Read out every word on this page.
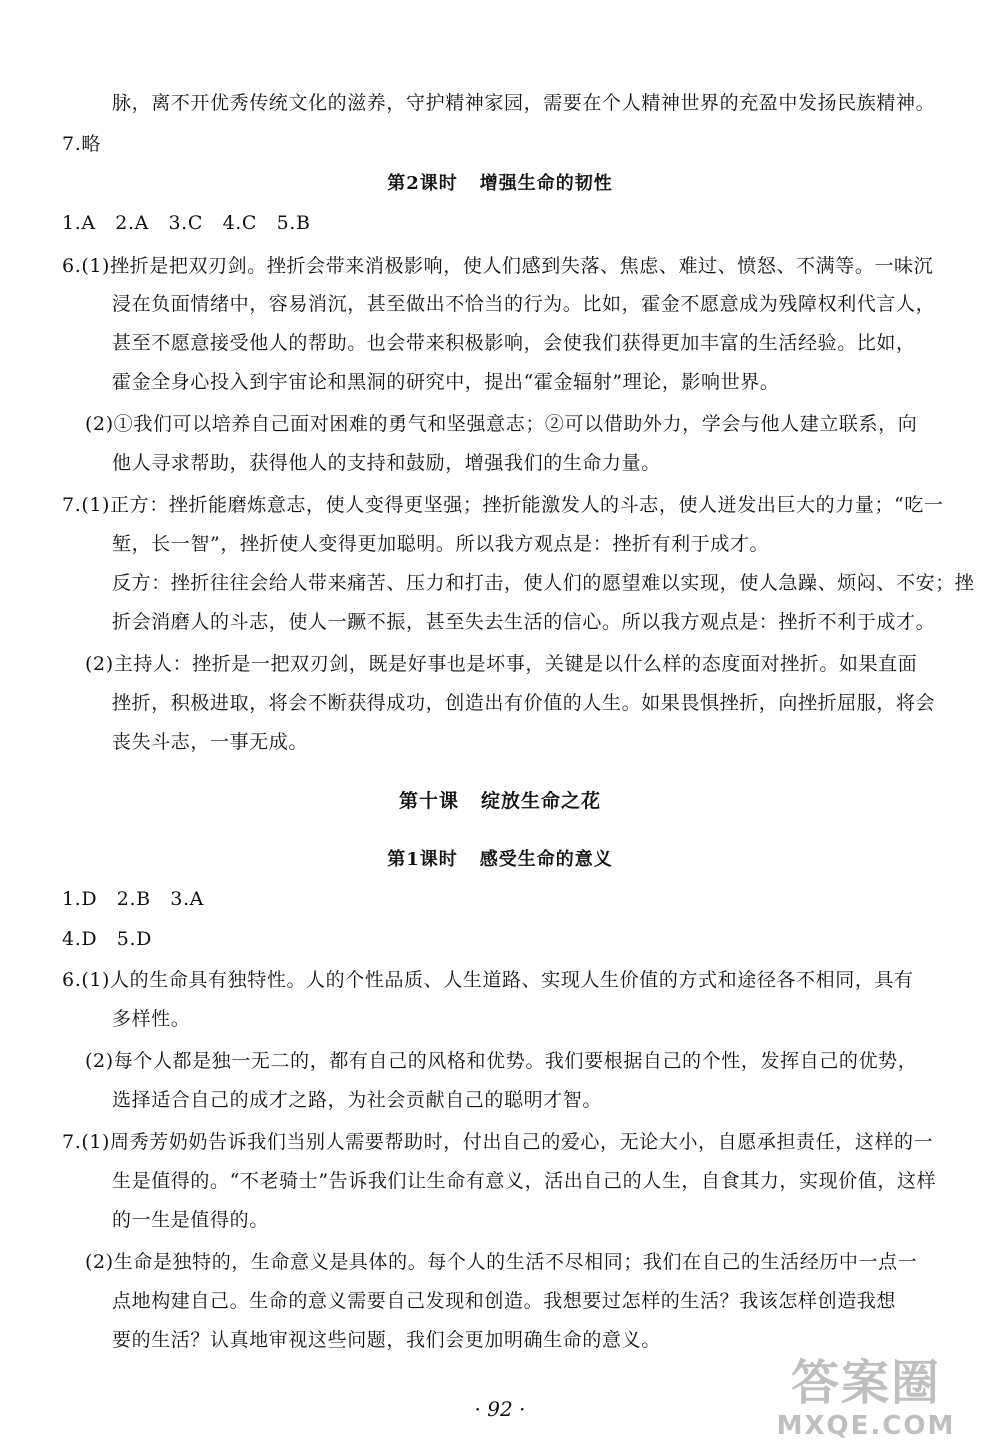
脉，离不开优秀传统文化的滋养，守护精神家园，需要在个人精神世界的充盈中发扬民族精神。
7.略
第2课时 增强生命的韧性
1.A　2.A　3.C　4.C　5.B
6.(1)挫折是把双刃剑。挫折会带来消极影响，使人们感到失落、焦虑、难过、愤怒、不满等。一味沉
浸在负面情绪中，容易消沉，甚至做出不恰当的行为。比如，霍金不愿意成为残障权利代言人，
甚至不愿意接受他人的帮助。也会带来积极影响，会使我们获得更加丰富的生活经验。比如，
霍金全身心投入到宇宙论和黑洞的研究中，提出“霍金辐射”理论，影响世界。
(2)①我们可以培养自己面对困难的勇气和坚强意志；②可以借助外力，学会与他人建立联系，向
他人寻求帮助，获得他人的支持和鼓励，增强我们的生命力量。
7.(1)正方：挫折能磨炼意志，使人变得更坚强；挫折能激发人的斗志，使人迸发出巨大的力量；“吃一
堑，长一智”，挫折使人变得更加聪明。所以我方观点是：挫折有利于成才。
反方：挫折往往会给人带来痛苦、压力和打击，使人们的愿望难以实现，使人急躁、烦闷、不安；挫
折会消磨人的斗志，使人一蹶不振，甚至失去生活的信心。所以我方观点是：挫折不利于成才。
(2)主持人：挫折是一把双刃剑，既是好事也是坏事，关键是以什么样的态度面对挫折。如果直面
挫折，积极进取，将会不断获得成功，创造出有价值的人生。如果畏惧挫折，向挫折屈服，将会
丧失斗志，一事无成。
第十课 绽放生命之花
第1课时 感受生命的意义
1.D　2.B　3.A
4.D　5.D
6.(1)人的生命具有独特性。人的个性品质、人生道路、实现人生价值的方式和途径各不相同，具有
多样性。
(2)每个人都是独一无二的，都有自己的风格和优势。我们要根据自己的个性，发挥自己的优势，
选择适合自己的成才之路，为社会贡献自己的聪明才智。
7.(1)周秀芳奶奶告诉我们当别人需要帮助时，付出自己的爱心，无论大小，自愿承担责任，这样的一
生是值得的。“不老骑士”告诉我们让生命有意义，活出自己的人生，自食其力，实现价值，这样
的一生是值得的。
(2)生命是独特的，生命意义是具体的。每个人的生活不尽相同；我们在自己的生活经历中一点一
点地构建自己。生命的意义需要自己发现和创造。我想要过怎样的生活？我该怎样创造我想
要的生活？认真地审视这些问题，我们会更加明确生命的意义。
· 92 ·	答案圈
MXQE.COM
